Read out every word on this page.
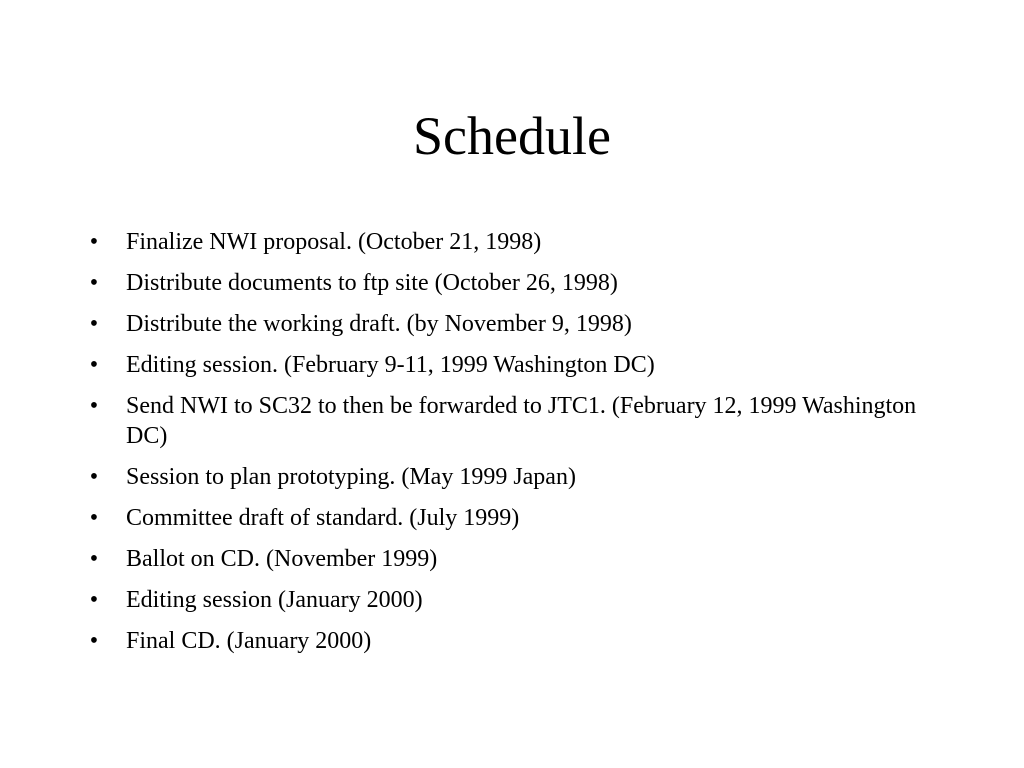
Schedule
• Finalize NWI proposal. (October 21, 1998)
• Distribute documents to ftp site (October 26, 1998)
• Distribute the working draft. (by November 9, 1998)
• Editing session. (February 9-11, 1999 Washington DC)
• Send NWI to SC32 to then be forwarded to JTC1. (February 12, 1999 Washington DC)
• Session to plan prototyping. (May 1999 Japan)
• Committee draft of standard. (July 1999)
• Ballot on CD. (November 1999)
• Editing session (January 2000)
• Final CD. (January 2000)
